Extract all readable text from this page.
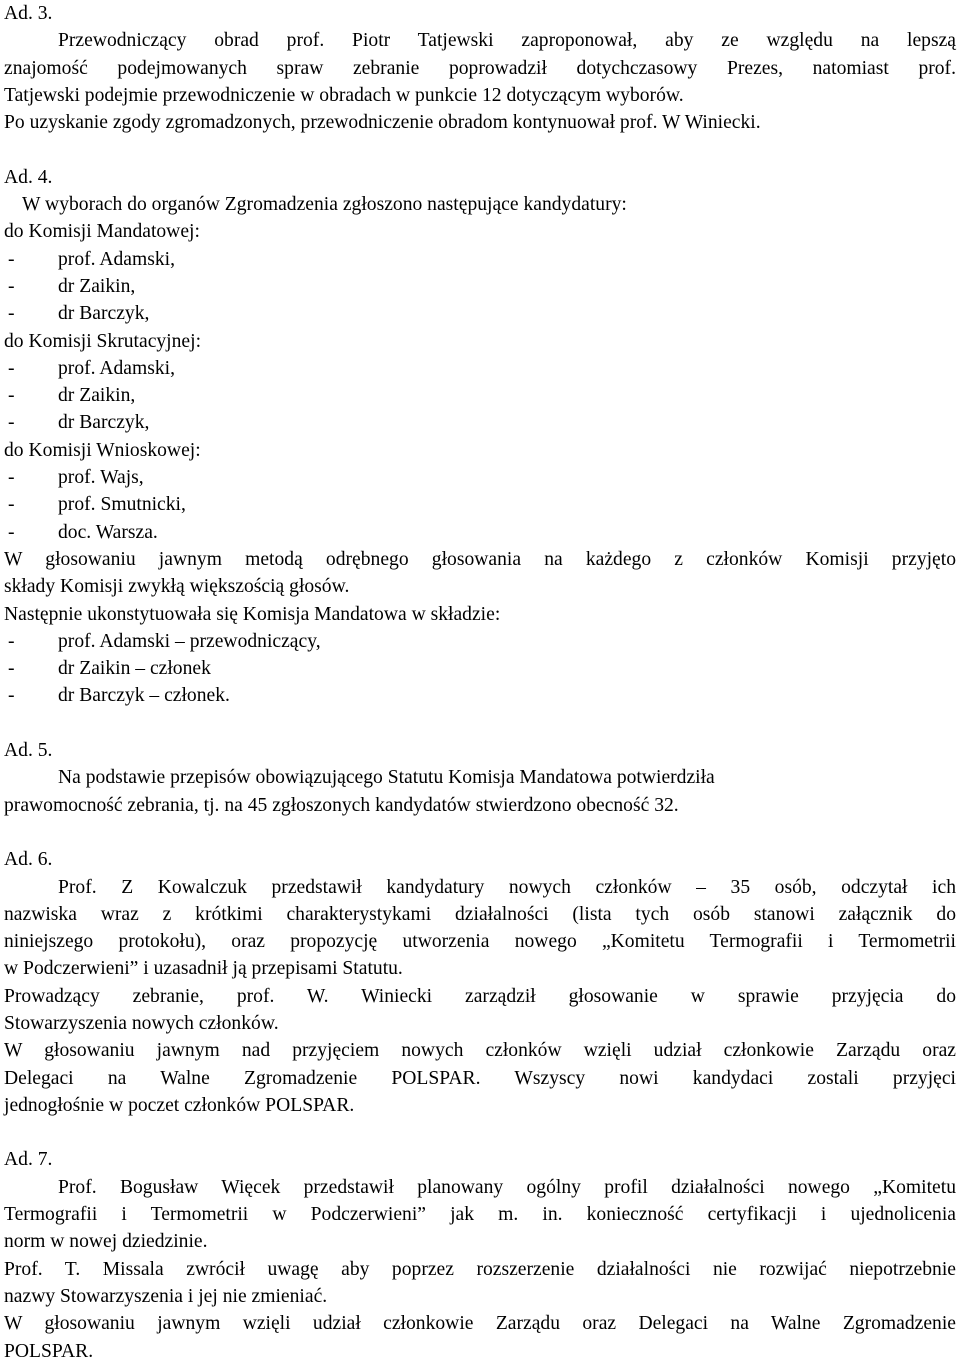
Ad. 3.
Przewodniczący obrad prof. Piotr Tatjewski zaproponował, aby ze względu na lepszą
znajomość podejmowanych spraw zebranie poprowadził dotychczasowy Prezes, natomiast prof.
Tatjewski podejmie przewodniczenie w obradach w punkcie 12 dotyczącym wyborów.
Po uzyskanie zgody zgromadzonych, przewodniczenie obradom kontynuował prof. W Winiecki.
Ad. 4.
W wyborach do organów Zgromadzenia zgłoszono następujące kandydatury:
do Komisji Mandatowej:
- prof. Adamski,
- dr Zaikin,
- dr Barczyk,
do Komisji Skrutacyjnej:
- prof. Adamski,
- dr Zaikin,
- dr Barczyk,
do Komisji Wnioskowej:
- prof. Wajs,
- prof. Smutnicki,
- doc. Warsza.
W głosowaniu jawnym metodą odrębnego głosowania na każdego z członków Komisji przyjęto
składy Komisji zwykłą większością głosów.
Następnie ukonstytuowała się Komisja Mandatowa w składzie:
- prof. Adamski – przewodniczący,
- dr Zaikin – członek
- dr Barczyk – członek.
Ad. 5.
Na podstawie przepisów obowiązującego Statutu Komisja Mandatowa potwierdziła
prawomocność zebrania, tj. na 45 zgłoszonych kandydatów stwierdzono obecność 32.
Ad. 6.
Prof. Z Kowalczuk przedstawił kandydatury nowych członków – 35 osób, odczytał ich
nazwiska wraz z krótkimi charakterystykami działalności (lista tych osób stanowi załącznik do
niniejszego protokołu), oraz propozycję utworzenia nowego „Komitetu Termografii i Termometrii
w Podczerwieni” i uzasadnił ją przepisami Statutu.
Prowadzący zebranie, prof. W. Winiecki zarządził głosowanie w sprawie przyjęcia do
Stowarzyszenia nowych członków.
W głosowaniu jawnym nad przyjęciem nowych członków wzięli udział członkowie Zarządu oraz
Delegaci na Walne Zgromadzenie POLSPAR. Wszyscy nowi kandydaci zostali przyjęci
jednogłośnie w poczet członków POLSPAR.
Ad. 7.
Prof. Bogusław Więcek przedstawił planowany ogólny profil działalności nowego „Komitetu
Termografii i Termometrii w Podczerwieni” jak m. in. konieczność certyfikacji i ujednolicenia
norm w nowej dziedzinie.
Prof. T. Missala zwrócił uwagę aby poprzez rozszerzenie działalności nie rozwijać niepotrzebnie
nazwy Stowarzyszenia i jej nie zmieniać.
W głosowaniu jawnym wzięli udział członkowie Zarządu oraz Delegaci na Walne Zgromadzenie
POLSPAR.
